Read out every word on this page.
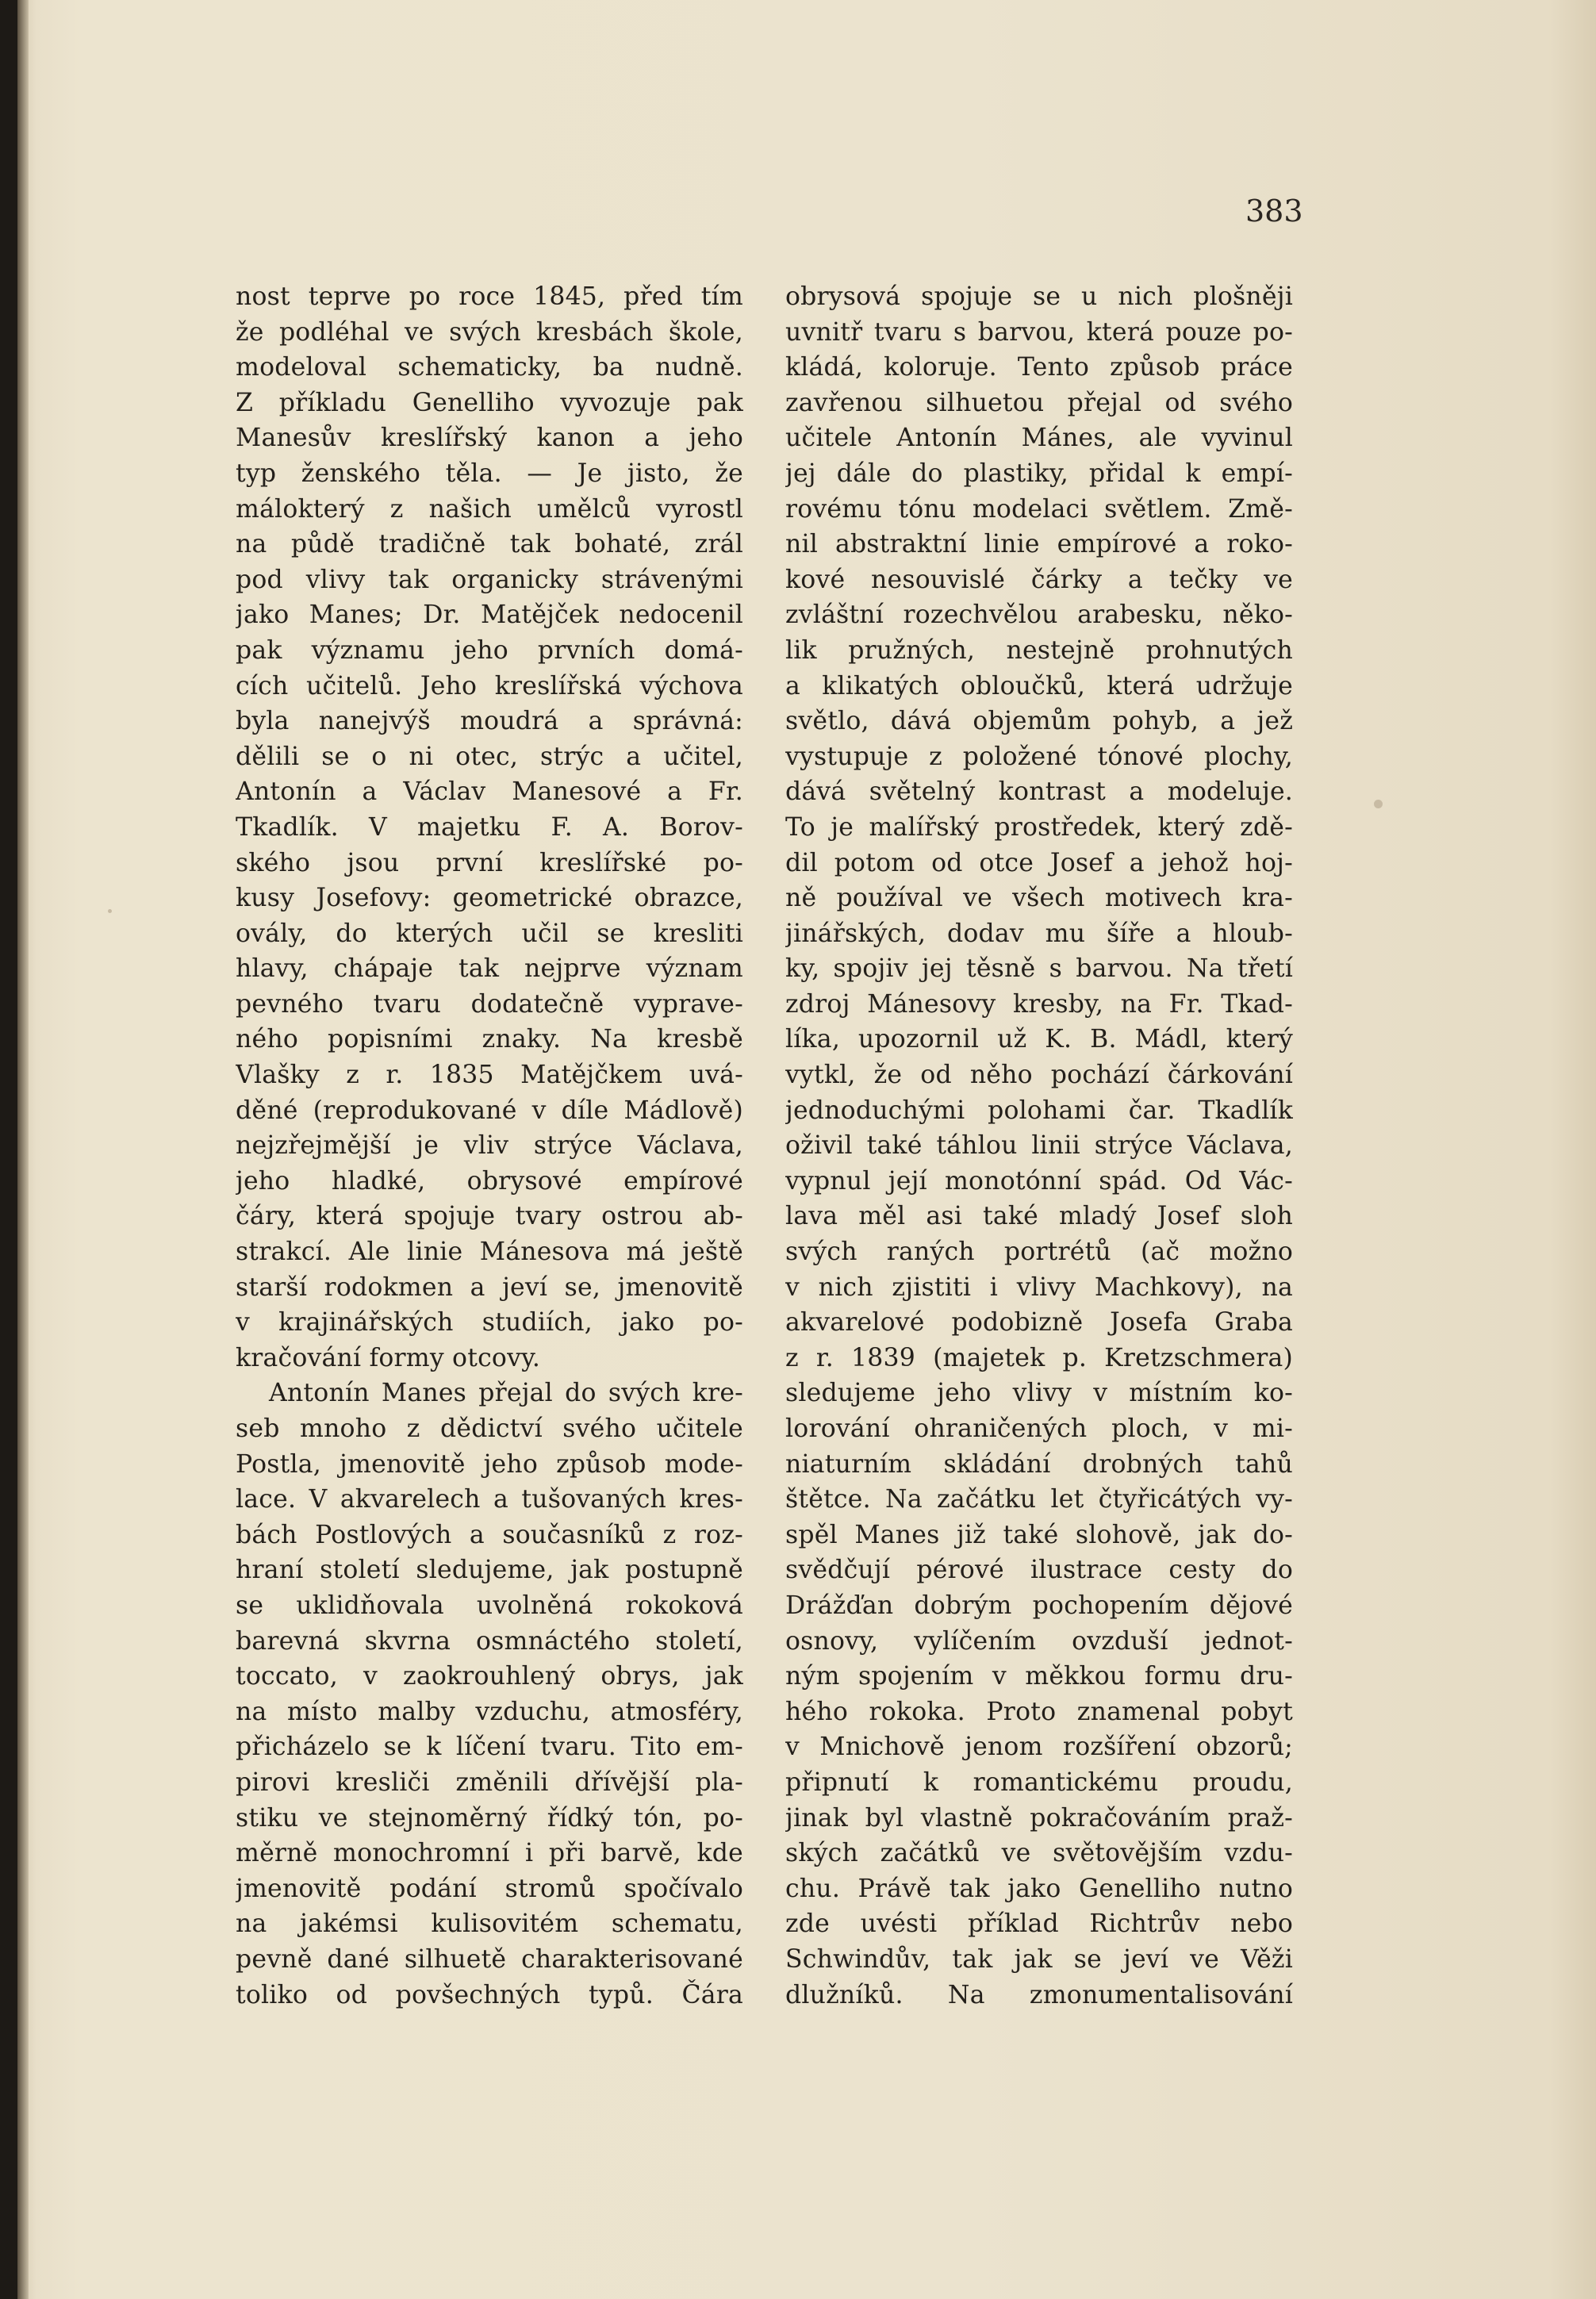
383
nost teprve po roce 1845, před tím
že podléhal ve svých kresbách škole,
modeloval schematicky, ba nudně.
Z příkladu Genelliho vyvozuje pak
Manesův kreslířský kanon a jeho
typ ženského těla. — Je jisto, že
málokterý z našich umělců vyrostl
na půdě tradičně tak bohaté, zrál
pod vlivy tak organicky strávenými
jako Manes; Dr. Matějček nedocenil
pak významu jeho prvních domá-
cích učitelů. Jeho kreslířská výchova
byla nanejvýš moudrá a správná:
dělili se o ni otec, strýc a učitel,
Antonín a Václav Manesové a Fr.
Tkadlík. V majetku F. A. Borov-
ského jsou první kreslířské po-
kusy Josefovy: geometrické obrazce,
ovály, do kterých učil se kresliti
hlavy, chápaje tak nejprve význam
pevného tvaru dodatečně vyprave-
ného popisními znaky. Na kresbě
Vlašky z r. 1835 Matějčkem uvá-
děné (reprodukované v díle Mádlově)
nejzřejmější je vliv strýce Václava,
jeho hladké, obrysové empírové
čáry, která spojuje tvary ostrou ab-
strakcí. Ale linie Mánesova má ještě
starší rodokmen a jeví se, jmenovitě
v krajinářských studiích, jako po-
kračování formy otcovy.
Antonín Manes přejal do svých kre-
seb mnoho z dědictví svého učitele
Postla, jmenovitě jeho způsob mode-
lace. V akvarelech a tušovaných kres-
bách Postlových a současníků z roz-
hraní století sledujeme, jak postupně
se uklidňovala uvolněná rokoková
barevná skvrna osmnáctého století,
toccato, v zaokrouhlený obrys, jak
na místo malby vzduchu, atmosféry,
přicházelo se k líčení tvaru. Tito em-
pirovi kresliči změnili dřívější pla-
stiku ve stejnoměrný řídký tón, po-
měrně monochromní i při barvě, kde
jmenovitě podání stromů spočívalo
na jakémsi kulisovitém schematu,
pevně dané silhuetě charakterisované
toliko od povšechných typů. Čára
obrysová spojuje se u nich plošněji
uvnitř tvaru s barvou, která pouze po-
kládá, koloruje. Tento způsob práce
zavřenou silhuetou přejal od svého
učitele Antonín Mánes, ale vyvinul
jej dále do plastiky, přidal k empí-
rovému tónu modelaci světlem. Změ-
nil abstraktní linie empírové a roko-
kové nesouvislé čárky a tečky ve
zvláštní rozechvělou arabesku, něko-
lik pružných, nestejně prohnutých
a klikatých obloučků, která udržuje
světlo, dává objemům pohyb, a jež
vystupuje z položené tónové plochy,
dává světelný kontrast a modeluje.
To je malířský prostředek, který zdě-
dil potom od otce Josef a jehož hoj-
ně používal ve všech motivech kra-
jinářských, dodav mu šíře a hloub-
ky, spojiv jej těsně s barvou. Na třetí
zdroj Mánesovy kresby, na Fr. Tkad-
líka, upozornil už K. B. Mádl, který
vytkl, že od něho pochází čárkování
jednoduchými polohami čar. Tkadlík
oživil také táhlou linii strýce Václava,
vypnul její monotónní spád. Od Vác-
lava měl asi také mladý Josef sloh
svých raných portrétů (ač možno
v nich zjistiti i vlivy Machkovy), na
akvarelové podobizně Josefa Graba
z r. 1839 (majetek p. Kretzschmera)
sledujeme jeho vlivy v místním ko-
lorování ohraničených ploch, v mi-
niaturním skládání drobných tahů
štětce. Na začátku let čtyřicátých vy-
spěl Manes již také slohově, jak do-
svědčují pérové ilustrace cesty do
Drážďan dobrým pochopením dějové
osnovy, vylíčením ovzduší jednot-
ným spojením v měkkou formu dru-
hého rokoka. Proto znamenal pobyt
v Mnichově jenom rozšíření obzorů;
připnutí k romantickému proudu,
jinak byl vlastně pokračováním praž-
ských začátků ve světovějším vzdu-
chu. Právě tak jako Genelliho nutno
zde uvésti příklad Richtrův nebo
Schwindův, tak jak se jeví ve Věži
dlužníků. Na zmonumentalisování
